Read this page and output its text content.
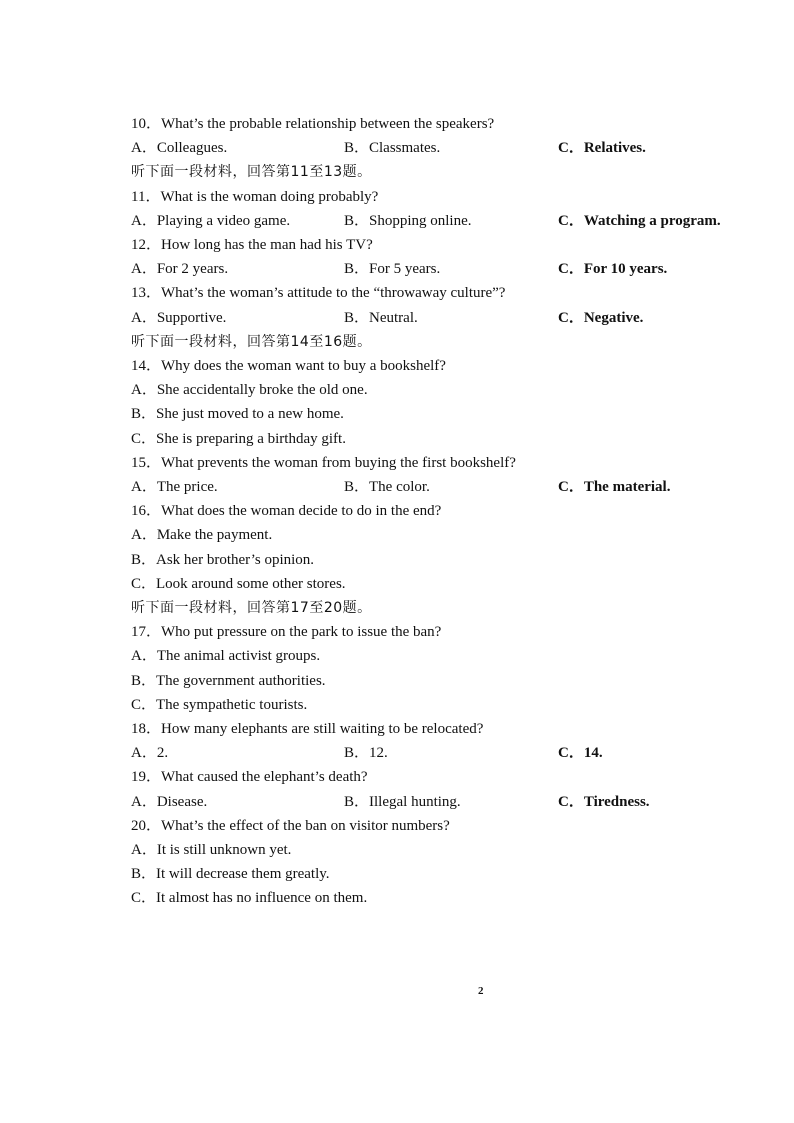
10．What’s the probable relationship between the speakers?
A．Colleagues.	B．Classmates.	C．Relatives.
听下面一段材料，回答第11至13题。
11．What is the woman doing probably?
A．Playing a video game.	B．Shopping online.	C．Watching a program.
12．How long has the man had his TV?
A．For 2 years.	B．For 5 years.	C．For 10 years.
13．What’s the woman’s attitude to the “throwaway culture”?
A．Supportive.	B．Neutral.	C．Negative.
听下面一段材料，回答第14至16题。
14．Why does the woman want to buy a bookshelf?
A．She accidentally broke the old one.
B．She just moved to a new home.
C．She is preparing a birthday gift.
15．What prevents the woman from buying the first bookshelf?
A．The price.	B．The color.	C．The material.
16．What does the woman decide to do in the end?
A．Make the payment.
B．Ask her brother’s opinion.
C．Look around some other stores.
听下面一段材料，回答第17至20题。
17．Who put pressure on the park to issue the ban?
A．The animal activist groups.
B．The government authorities.
C．The sympathetic tourists.
18．How many elephants are still waiting to be relocated?
A．2.	B．12.	C．14.
19．What caused the elephant’s death?
A．Disease.	B．Illegal hunting.	C．Tiredness.
20．What’s the effect of the ban on visitor numbers?
A．It is still unknown yet.
B．It will decrease them greatly.
C．It almost has no influence on them.
2
